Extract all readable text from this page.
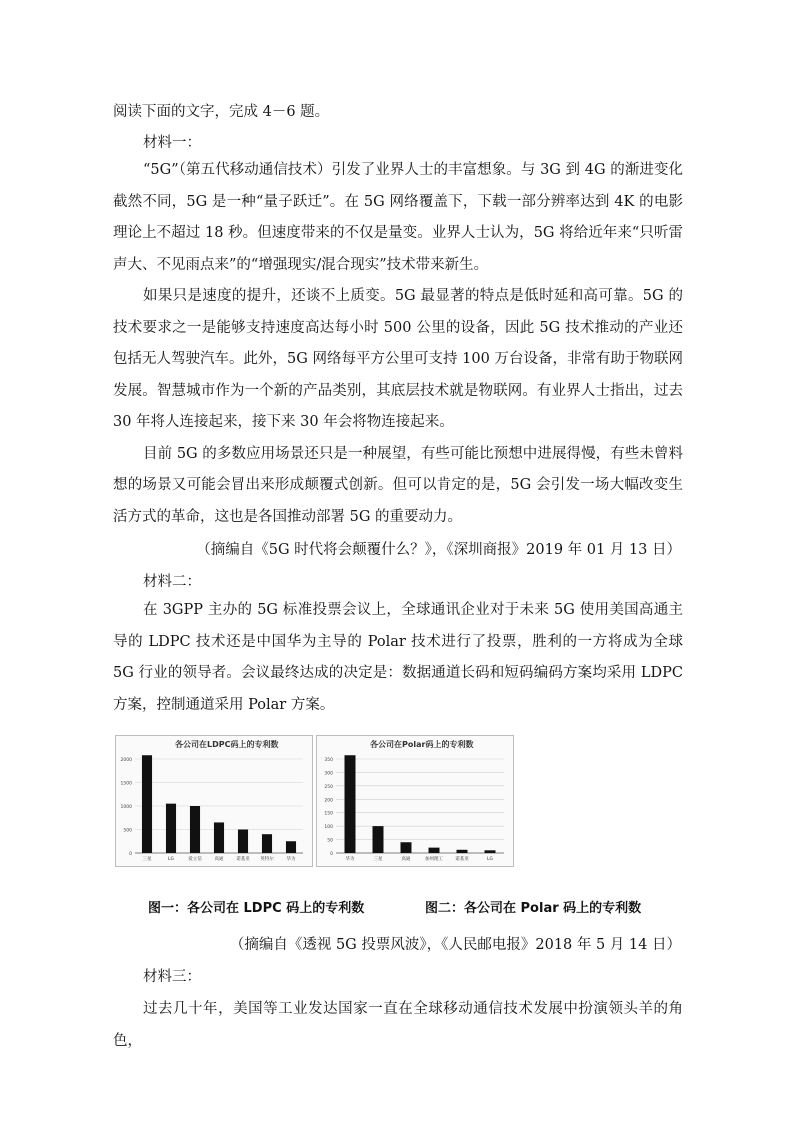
阅读下面的文字，完成 4－6 题。
材料一：

“5G”（第五代移动通信技术）引发了业界人士的丰富想象。与 3G 到 4G 的渐进变化截然不同，5G 是一种“量子跃迁”。在 5G 网络覆盖下，下载一部分辨率达到 4K 的电影理论上不超过 18 秒。但速度带来的不仅是量变。业界人士认为，5G 将给近年来“只听雷声大、不见雨点来”的“增强现实/混合现实”技术带来新生。

如果只是速度的提升，还谈不上质变。5G 最显著的特点是低时延和高可靠。5G 的技术要求之一是能够支持速度高达每小时 500 公里的设备，因此 5G 技术推动的产业还包括无人驾驶汽车。此外，5G 网络每平方公里可支持 100 万台设备，非常有助于物联网发展。智慧城市作为一个新的产品类别，其底层技术就是物联网。有业界人士指出，过去 30 年将人连接起来，接下来 30 年会将物连接起来。

目前 5G 的多数应用场景还只是一种展望，有些可能比预想中进展得慢，有些未曾料想的场景又可能会冒出来形成颠覆式创新。但可以肯定的是，5G 会引发一场大幅改变生活方式的革命，这也是各国推动部署 5G 的重要动力。

（摘编自《5G 时代将会颠覆什么？》，《深圳商报》2019 年 01 月 13 日）
材料二：

在 3GPP 主办的 5G 标准投票会议上，全球通讯企业对于未来 5G 使用美国高通主导的 LDPC 技术还是中国华为主导的 Polar 技术进行了投票，胜利的一方将成为全球 5G 行业的领导者。会议最终达成的决定是：数据通道长码和短码编码方案均采用 LDPC 方案，控制通道采用 Polar 方案。

各公司在LDPC码上的专利数
0
500
1000
1500
2000
三星	LG	爱立信	高通	诺基亚 英特尔	华为
各公司在Polar码上的专利数
0
50
100
150
200
250
300
350
华为	三星	高通	加州理工	诺基亚	LG
图一：各公司在 LDPC 码上的专利数	图二：各公司在 Polar 码上的专利数
（摘编自《透视 5G 投票风波》，《人民邮电报》2018 年 5 月 14 日）
材料三：

过去几十年，美国等工业发达国家一直在全球移动通信技术发展中扮演领头羊的角色，
